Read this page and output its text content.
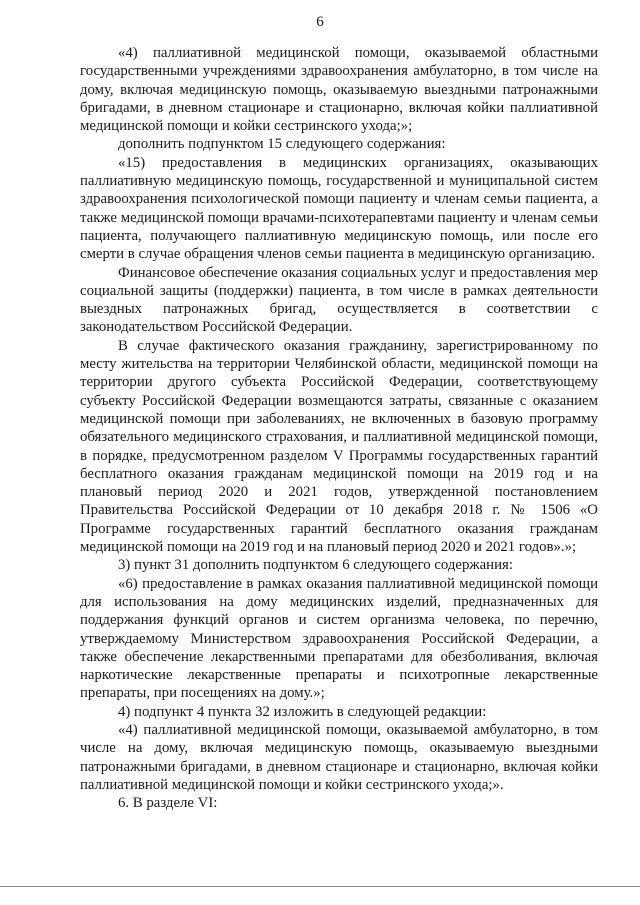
6

«4) паллиативной медицинской помощи, оказываемой областными государственными учреждениями здравоохранения амбулаторно, в том числе на дому, включая медицинскую помощь, оказываемую выездными патронажными бригадами, в дневном стационаре и стационарно, включая койки паллиативной медицинской помощи и койки сестринского ухода;»;

дополнить подпунктом 15 следующего содержания:

«15) предоставления в медицинских организациях, оказывающих паллиативную медицинскую помощь, государственной и муниципальной систем здравоохранения психологической помощи пациенту и членам семьи пациента, а также медицинской помощи врачами-психотерапевтами пациенту и членам семьи пациента, получающего паллиативную медицинскую помощь, или после его смерти в случае обращения членов семьи пациента в медицинскую организацию.

Финансовое обеспечение оказания социальных услуг и предоставления мер социальной защиты (поддержки) пациента, в том числе в рамках деятельности выездных патронажных бригад, осуществляется в соответствии с законодательством Российской Федерации.

В случае фактического оказания гражданину, зарегистрированному по месту жительства на территории Челябинской области, медицинской помощи на территории другого субъекта Российской Федерации, соответствующему субъекту Российской Федерации возмещаются затраты, связанные с оказанием медицинской помощи при заболеваниях, не включенных в базовую программу обязательного медицинского страхования, и паллиативной медицинской помощи, в порядке, предусмотренном разделом V Программы государственных гарантий бесплатного оказания гражданам медицинской помощи на 2019 год и на плановый период 2020 и 2021 годов, утвержденной постановлением Правительства Российской Федерации от 10 декабря 2018 г. № 1506 «О Программе государственных гарантий бесплатного оказания гражданам медицинской помощи на 2019 год и на плановый период 2020 и 2021 годов».»;

3) пункт 31 дополнить подпунктом 6 следующего содержания:

«6) предоставление в рамках оказания паллиативной медицинской помощи для использования на дому медицинских изделий, предназначенных для поддержания функций органов и систем организма человека, по перечню, утверждаемому Министерством здравоохранения Российской Федерации, а также обеспечение лекарственными препаратами для обезболивания, включая наркотические лекарственные препараты и психотропные лекарственные препараты, при посещениях на дому.»;

4) подпункт 4 пункта 32 изложить в следующей редакции:

«4) паллиативной медицинской помощи, оказываемой амбулаторно, в том числе на дому, включая медицинскую помощь, оказываемую выездными патронажными бригадами, в дневном стационаре и стационарно, включая койки паллиативной медицинской помощи и койки сестринского ухода;».

6. В разделе VI:
